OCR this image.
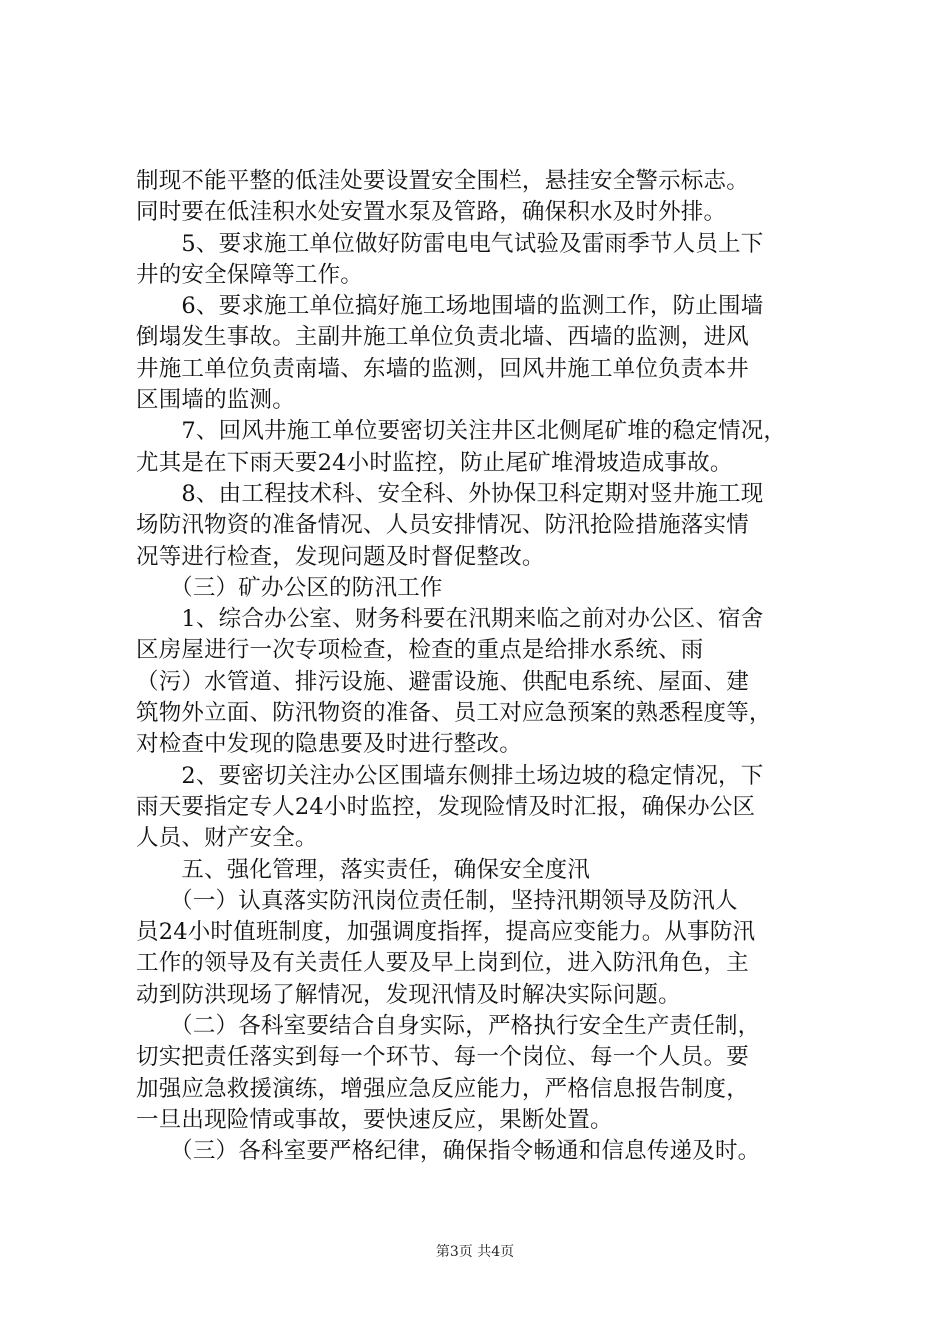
制现不能平整的低洼处要设置安全围栏，悬挂安全警示标志。
同时要在低洼积水处安置水泵及管路，确保积水及时外排。
　　5、要求施工单位做好防雷电电气试验及雷雨季节人员上下
井的安全保障等工作。
　　6、要求施工单位搞好施工场地围墙的监测工作，防止围墙
倒塌发生事故。主副井施工单位负责北墙、西墙的监测，进风
井施工单位负责南墙、东墙的监测，回风井施工单位负责本井
区围墙的监测。
　　7、回风井施工单位要密切关注井区北侧尾矿堆的稳定情况，
尤其是在下雨天要24小时监控，防止尾矿堆滑坡造成事故。
　　8、由工程技术科、安全科、外协保卫科定期对竖井施工现
场防汛物资的准备情况、人员安排情况、防汛抢险措施落实情
况等进行检查，发现问题及时督促整改。
　　（三）矿办公区的防汛工作
　　1、综合办公室、财务科要在汛期来临之前对办公区、宿舍
区房屋进行一次专项检查，检查的重点是给排水系统、雨
（污）水管道、排污设施、避雷设施、供配电系统、屋面、建
筑物外立面、防汛物资的准备、员工对应急预案的熟悉程度等，
对检查中发现的隐患要及时进行整改。
　　2、要密切关注办公区围墙东侧排土场边坡的稳定情况，下
雨天要指定专人24小时监控，发现险情及时汇报，确保办公区
人员、财产安全。
　　五、强化管理，落实责任，确保安全度汛
　　（一）认真落实防汛岗位责任制，坚持汛期领导及防汛人
员24小时值班制度，加强调度指挥，提高应变能力。从事防汛
工作的领导及有关责任人要及早上岗到位，进入防汛角色，主
动到防洪现场了解情况，发现汛情及时解决实际问题。
　　（二）各科室要结合自身实际，严格执行安全生产责任制，
切实把责任落实到每一个环节、每一个岗位、每一个人员。要
加强应急救援演练，增强应急反应能力，严格信息报告制度，
一旦出现险情或事故，要快速反应，果断处置。
　　（三）各科室要严格纪律，确保指令畅通和信息传递及时。
第3页 共4页
